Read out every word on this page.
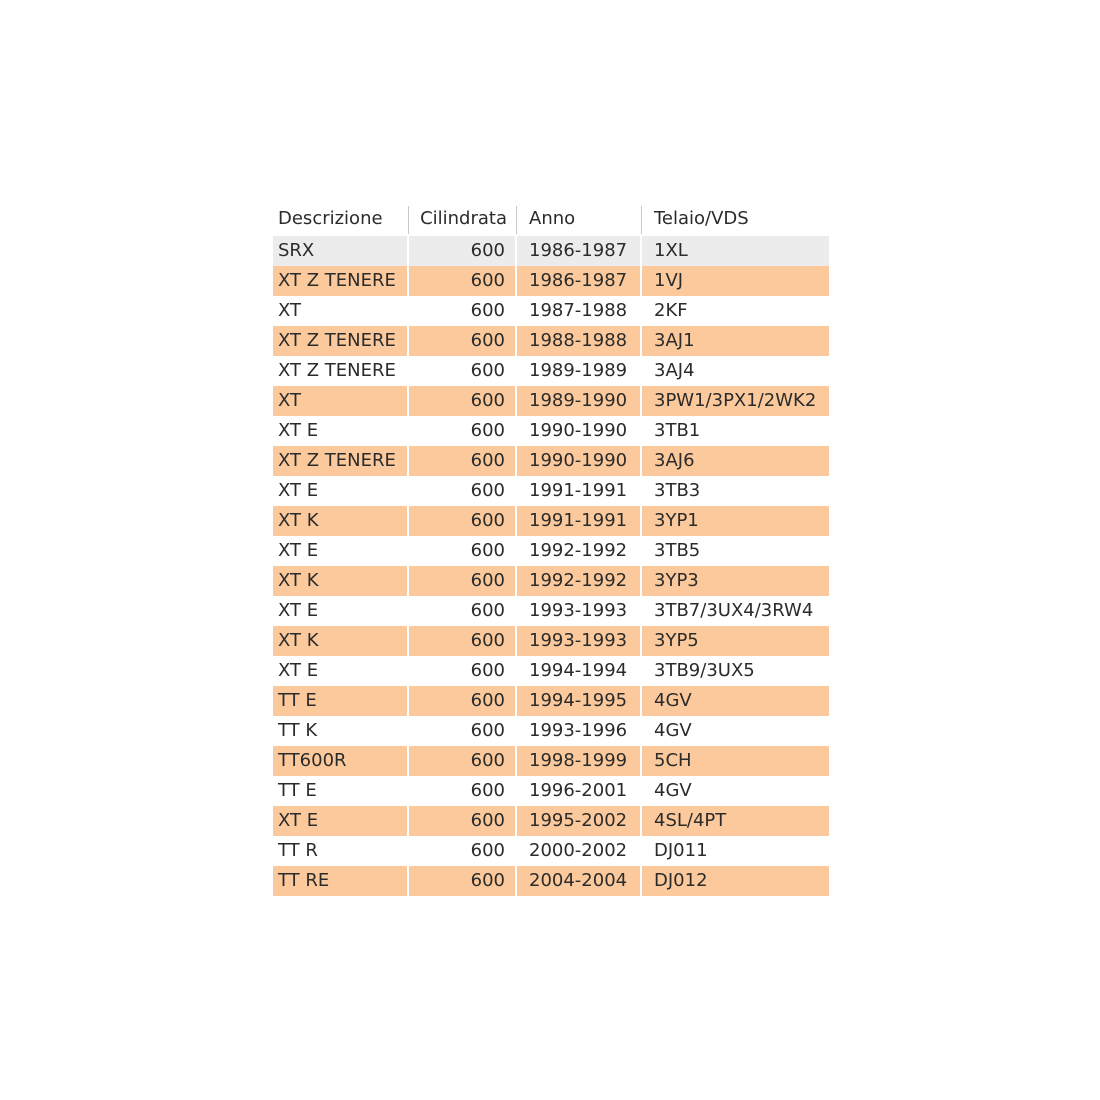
Descrizione	Cilindrata	Anno	Telaio/VDS
SRX	600	1986-1987	1XL
XT Z TENERE	600	1986-1987	1VJ
XT	600	1987-1988	2KF
XT Z TENERE	600	1988-1988	3AJ1
XT Z TENERE	600	1989-1989	3AJ4
XT	600	1989-1990	3PW1/3PX1/2WK2
XT E	600	1990-1990	3TB1
XT Z TENERE	600	1990-1990	3AJ6
XT E	600	1991-1991	3TB3
XT K	600	1991-1991	3YP1
XT E	600	1992-1992	3TB5
XT K	600	1992-1992	3YP3
XT E	600	1993-1993	3TB7/3UX4/3RW4
XT K	600	1993-1993	3YP5
XT E	600	1994-1994	3TB9/3UX5
TT E	600	1994-1995	4GV
TT K	600	1993-1996	4GV
TT600R	600	1998-1999	5CH
TT E	600	1996-2001	4GV
XT E	600	1995-2002	4SL/4PT
TT R	600	2000-2002	DJ011
TT RE	600	2004-2004	DJ012
